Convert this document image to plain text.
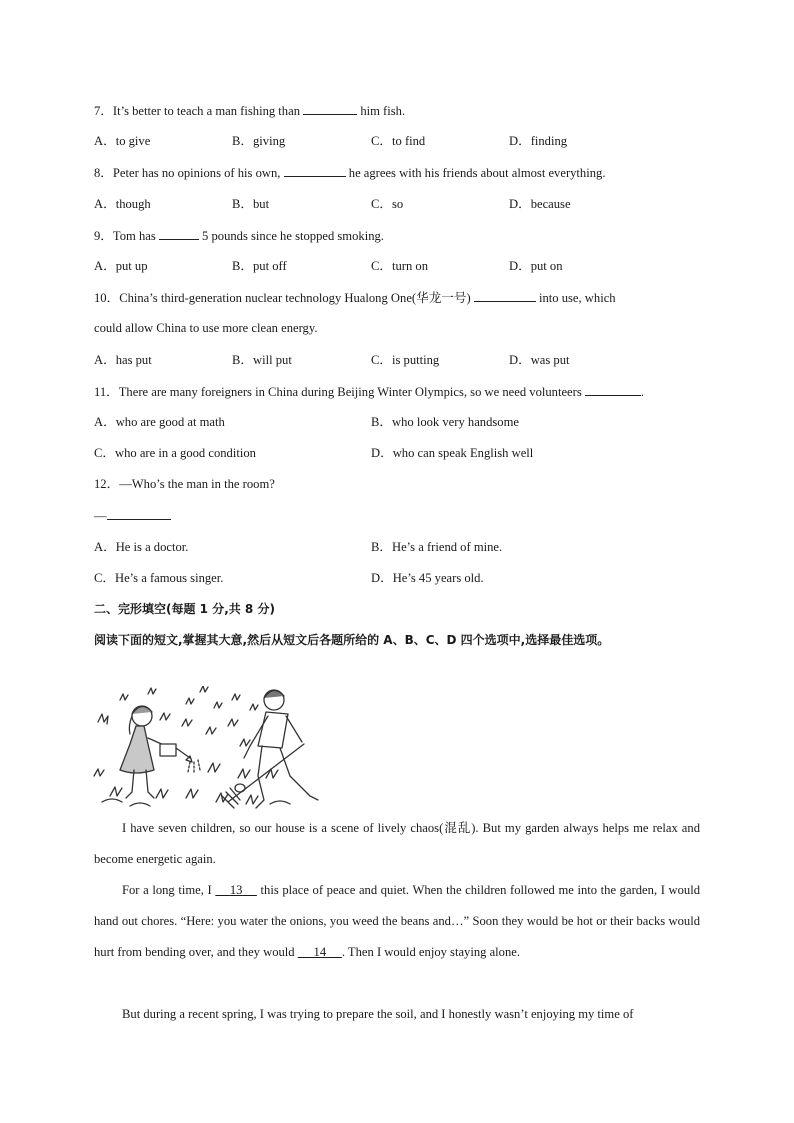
7．It’s better to teach a man fishing than	him fish.
A．to give	B．giving	C．to find	D．finding
8．Peter has no opinions of his own,	he agrees with his friends about almost everything.
A．though	B．but	C．so	D．because
9．Tom has	5 pounds since he stopped smoking.
A．put up	B．put off	C．turn on	D．put on
10．China’s third-generation nuclear technology Hualong One(华龙一号)	into use, which
could allow China to use more clean energy.
A．has put	B．will put	C．is putting	D．was put
11．There are many foreigners in China during Beijing Winter Olympics, so we need volunteers	.
A．who are good at math	B．who look very handsome
C．who are in a good condition	D．who can speak English well
12．—Who’s the man in the room?
—
A．He is a doctor.	B．He’s a friend of mine.
C．He’s a famous singer.	D．He’s 45 years old.
二、完形填空(每题 1 分,共 8 分)
阅读下面的短文,掌握其大意,然后从短文后各题所给的 A、B、C、D 四个选项中,选择最佳选项。
I have seven children, so our house is a scene of lively chaos(混乱). But my garden always helps me relax and become energetic again.
For a long time, I 13 this place of peace and quiet. When the children followed me into the garden, I would hand out chores. “Here: you water the onions, you weed the beans and…” Soon they would be hot or their backs would hurt from bending over, and they would 14 . Then I would enjoy staying alone.
But during a recent spring, I was trying to prepare the soil, and I honestly wasn’t enjoying my time of
